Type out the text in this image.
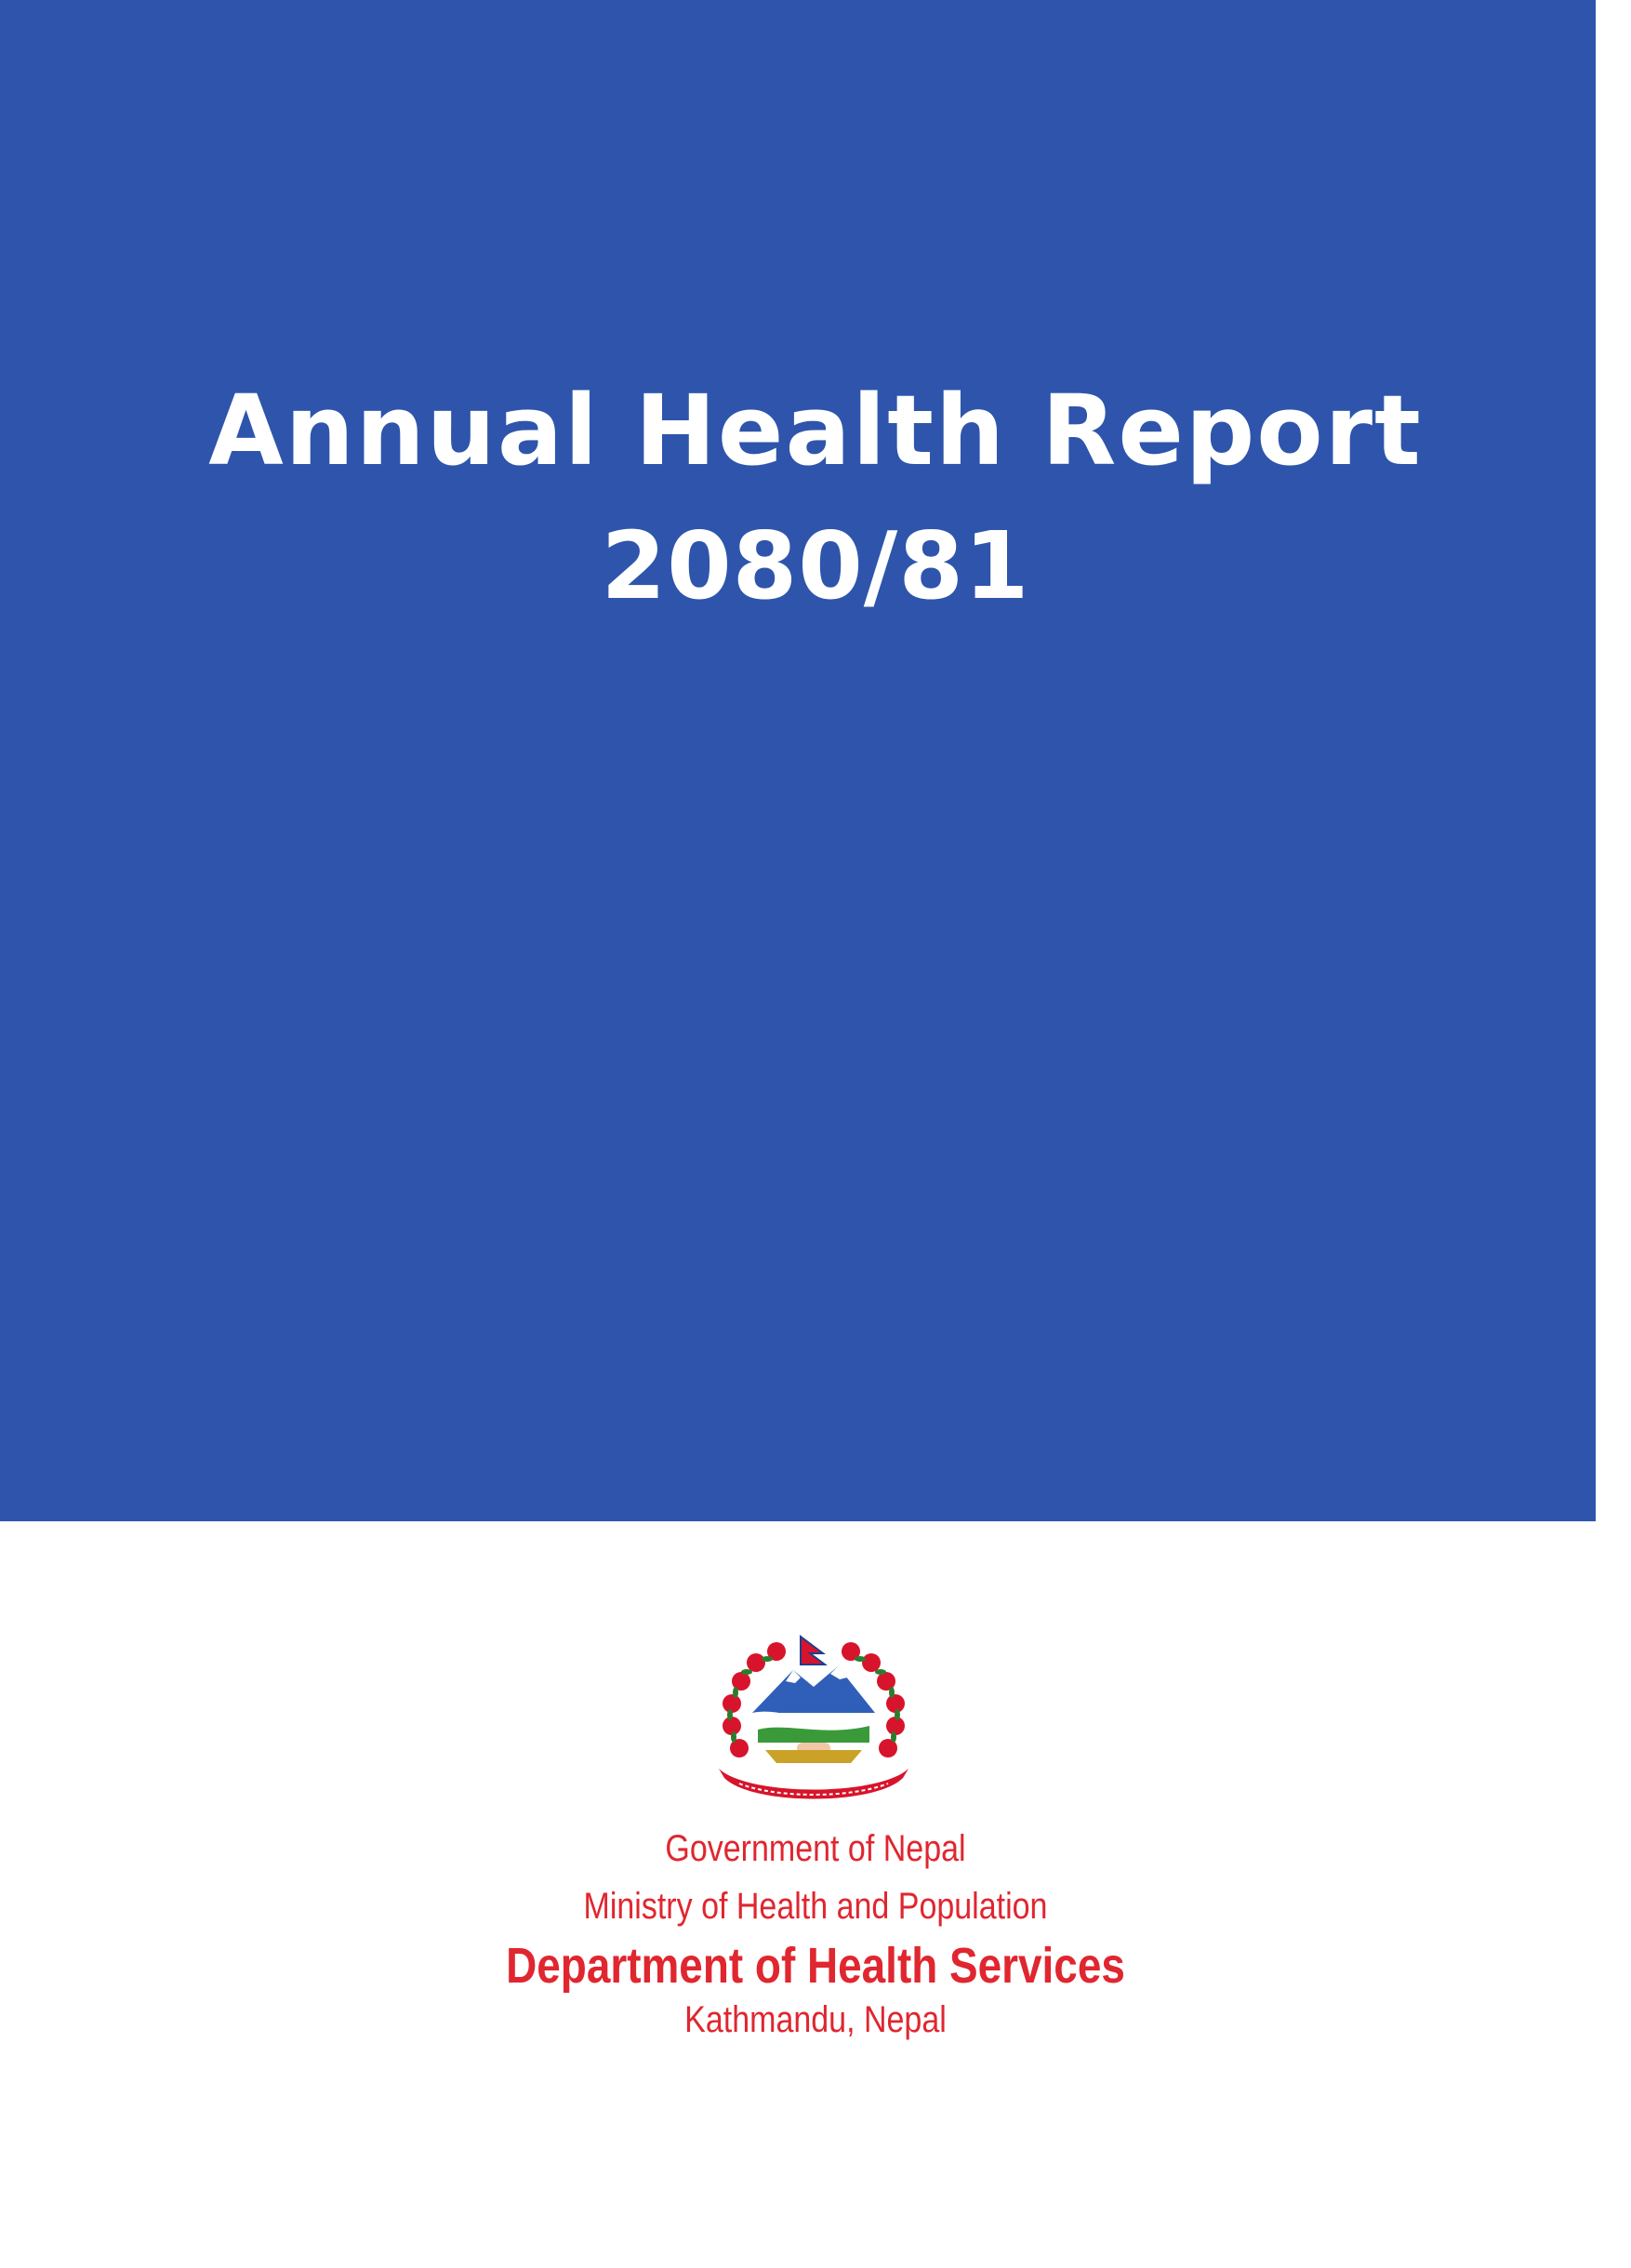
Annual Health Report
2080/81

Government of Nepal

Ministry of Health and Population

Department of Health Services

Kathmandu, Nepal
